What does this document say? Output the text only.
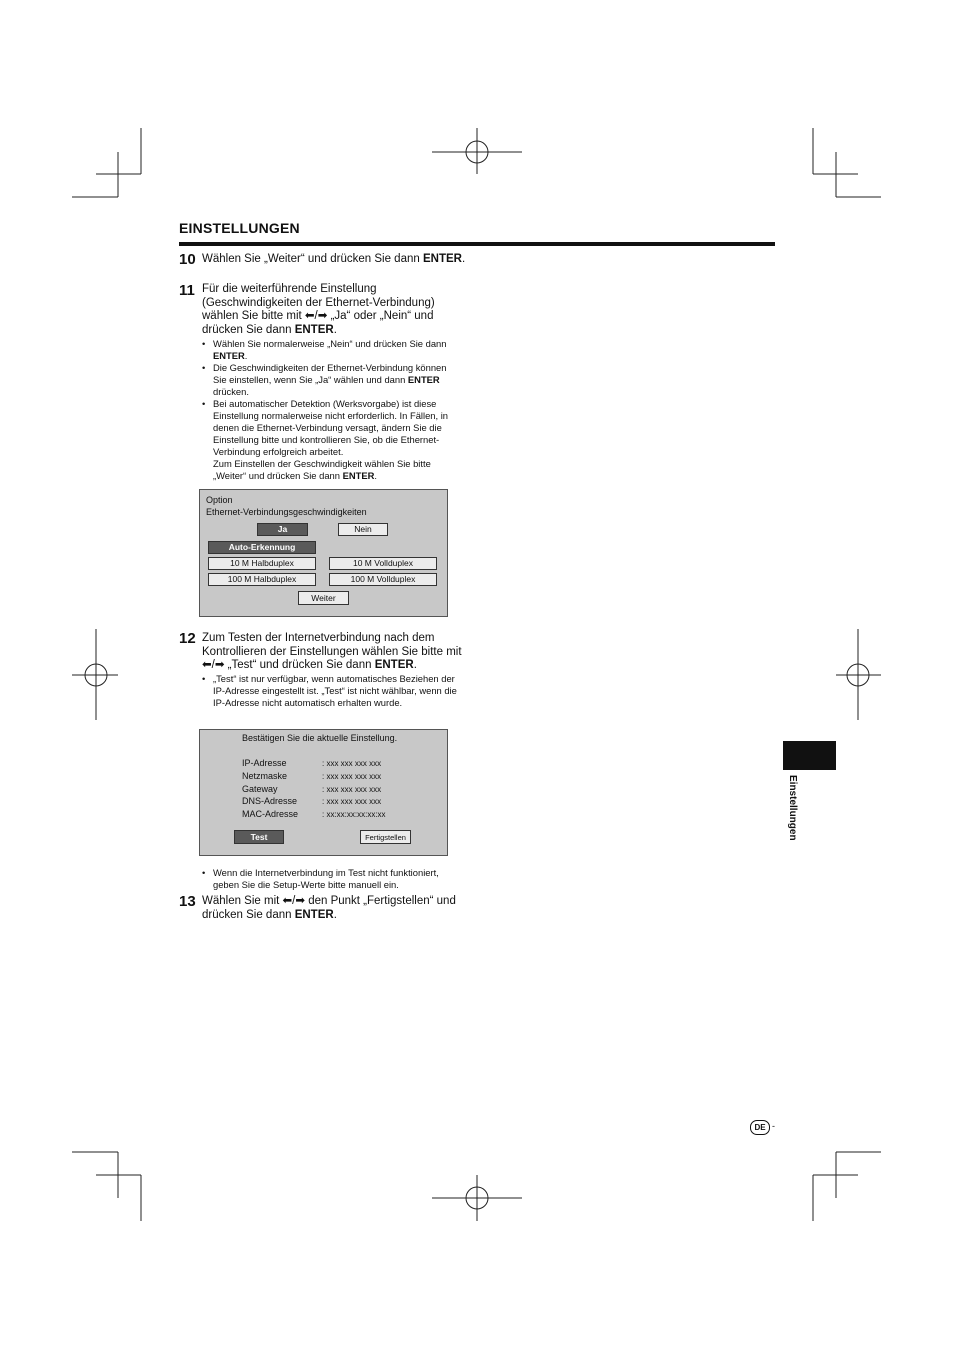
EINSTELLUNGEN
10 Wählen Sie „Weiter“ und drücken Sie dann ENTER.
11 Für die weiterführende Einstellung (Geschwindigkeiten der Ethernet-Verbindung) wählen Sie bitte mit ⬅/➡ „Ja“ oder „Nein“ und drücken Sie dann ENTER.

• Wählen Sie normalerweise „Nein“ und drücken Sie dann ENTER.

• Die Geschwindigkeiten der Ethernet-Verbindung können Sie einstellen, wenn Sie „Ja“ wählen und dann ENTER drücken.

• Bei automatischer Detektion (Werksvorgabe) ist diese Einstellung normalerweise nicht erforderlich. In Fällen, in denen die Ethernet-Verbindung versagt, ändern Sie die Einstellung bitte und kontrollieren Sie, ob die Ethernet-Verbindung erfolgreich arbeitet.

Zum Einstellen der Geschwindigkeit wählen Sie bitte „Weiter“ und drücken Sie dann ENTER.

Option
Ethernet-Verbindungsgeschwindigkeiten
Ja	Nein
Auto-Erkennung
10 M Halbduplex	10 M Vollduplex
100 M Halbduplex	100 M Vollduplex
Weiter
12 Zum Testen der Internetverbindung nach dem Kontrollieren der Einstellungen wählen Sie bitte mit ⬅/➡ „Test“ und drücken Sie dann ENTER.

• „Test“ ist nur verfügbar, wenn automatisches Beziehen der IP-Adresse eingestellt ist. „Test“ ist nicht wählbar, wenn die IP-Adresse nicht automatisch erhalten wurde.

Bestätigen Sie die aktuelle Einstellung.
IP-Adresse	: xxx xxx xxx xxx
Netzmaske	: xxx xxx xxx xxx
Gateway	: xxx xxx xxx xxx
DNS-Adresse	: xxx xxx xxx xxx
MAC-Adresse	: xx:xx:xx:xx:xx:xx
Test	Fertigstellen

• Wenn die Internetverbindung im Test nicht funktioniert, geben Sie die Setup-Werte bitte manuell ein.

13 Wählen Sie mit ⬅/➡ den Punkt „Fertigstellen“ und drücken Sie dann ENTER.
Einstellungen
DE -
